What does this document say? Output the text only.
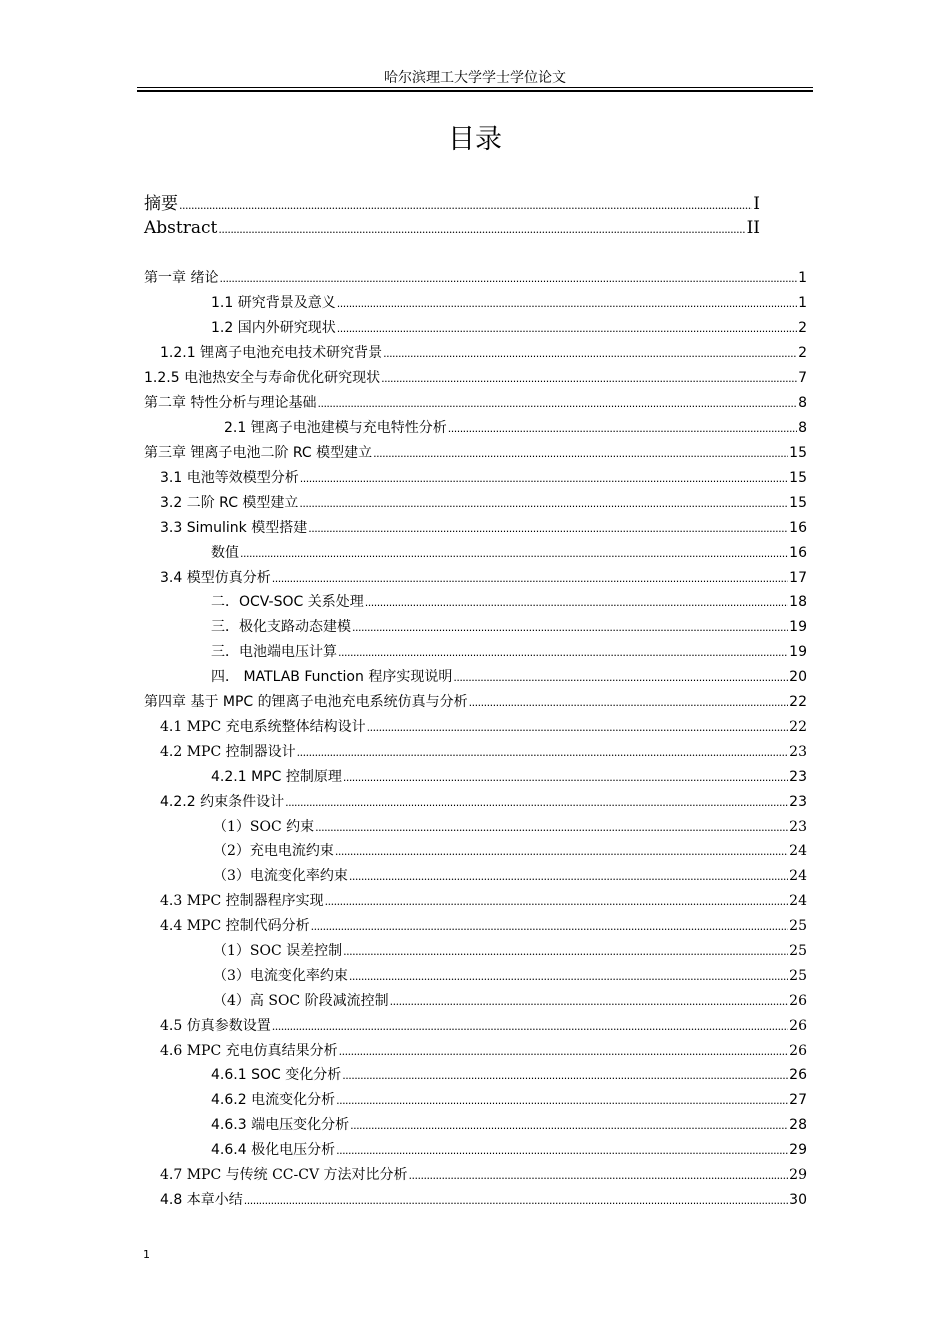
哈尔滨理工大学学士学位论文
目录
摘要 . . .	I
Abstract . . .	II
第一章 绪论 . . .	1
1.1 研究背景及意义 . . .	1
1.2 国内外研究现状 . . .	2
1.2.1 锂离子电池充电技术研究背景 . . .	2
1.2.5 电池热安全与寿命优化研究现状 . . .	7
第二章 特性分析与理论基础 . . .	8
2.1 锂离子电池建模与充电特性分析 . . .	8
第三章 锂离子电池二阶 RC 模型建立 . . .	15
3.1 电池等效模型分析 . . .	15
3.2 二阶 RC 模型建立 . . .	15
3.3 Simulink 模型搭建 . . .	16
数值 . . .	16
3.4 模型仿真分析 . . .	17
二．OCV-SOC 关系处理 . . .	18
三．极化支路动态建模 . . .	19
三．电池端电压计算 . . .	19
四． MATLAB Function 程序实现说明 . . .	20
第四章 基于 MPC 的锂离子电池充电系统仿真与分析 . . .	22
4.1 MPC 充电系统整体结构设计 . . .	22
4.2 MPC 控制器设计 . . .	23
4.2.1 MPC 控制原理 . . .	23
4.2.2 约束条件设计 . . .	23
（1）SOC 约束 . . .	23
（2）充电电流约束 . . .	24
（3）电流变化率约束 . . .	24
4.3 MPC 控制器程序实现 . . .	24
4.4 MPC 控制代码分析 . . .	25
（1）SOC 误差控制 . . .	25
（3）电流变化率约束 . . .	25
（4）高 SOC 阶段减流控制 . . .	26
4.5 仿真参数设置 . . .	26
4.6 MPC 充电仿真结果分析 . . .	26
4.6.1 SOC 变化分析 . . .	26
4.6.2 电流变化分析 . . .	27
4.6.3 端电压变化分析 . . .	28
4.6.4 极化电压分析 . . .	29
4.7 MPC 与传统 CC-CV 方法对比分析 . . .	29
4.8 本章小结 . . .	30
1
